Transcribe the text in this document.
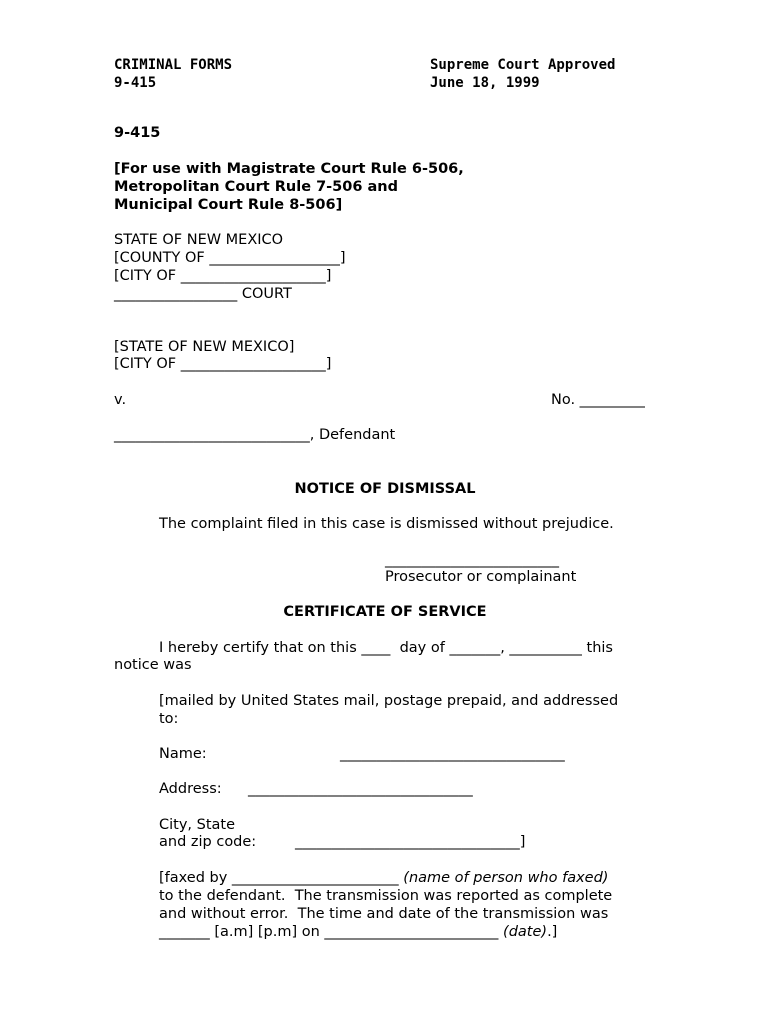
CRIMINAL FORMS
9-415
Supreme Court Approved
June 18, 1999
9-415
[For use with Magistrate Court Rule 6-506,
Metropolitan Court Rule 7-506 and
Municipal Court Rule 8-506]
STATE OF NEW MEXICO
[COUNTY OF __________________]
[CITY OF ____________________]
_________________ COURT
[STATE OF NEW MEXICO]
[CITY OF ____________________]
v.	No. _________
___________________________, Defendant
NOTICE OF DISMISSAL
The complaint filed in this case is dismissed without prejudice.
________________________
Prosecutor or complainant
CERTIFICATE OF SERVICE
I hereby certify that on this ____  day of _______, __________ this
notice was
[mailed by United States mail, postage prepaid, and addressed
to:
Name:	_______________________________
Address: _______________________________
City, State
and zip code:	_______________________________]
[faxed by _______________________ (name of person who faxed)
to the defendant.  The transmission was reported as complete
and without error.  The time and date of the transmission was
_______ [a.m] [p.m] on ________________________ (date).]
